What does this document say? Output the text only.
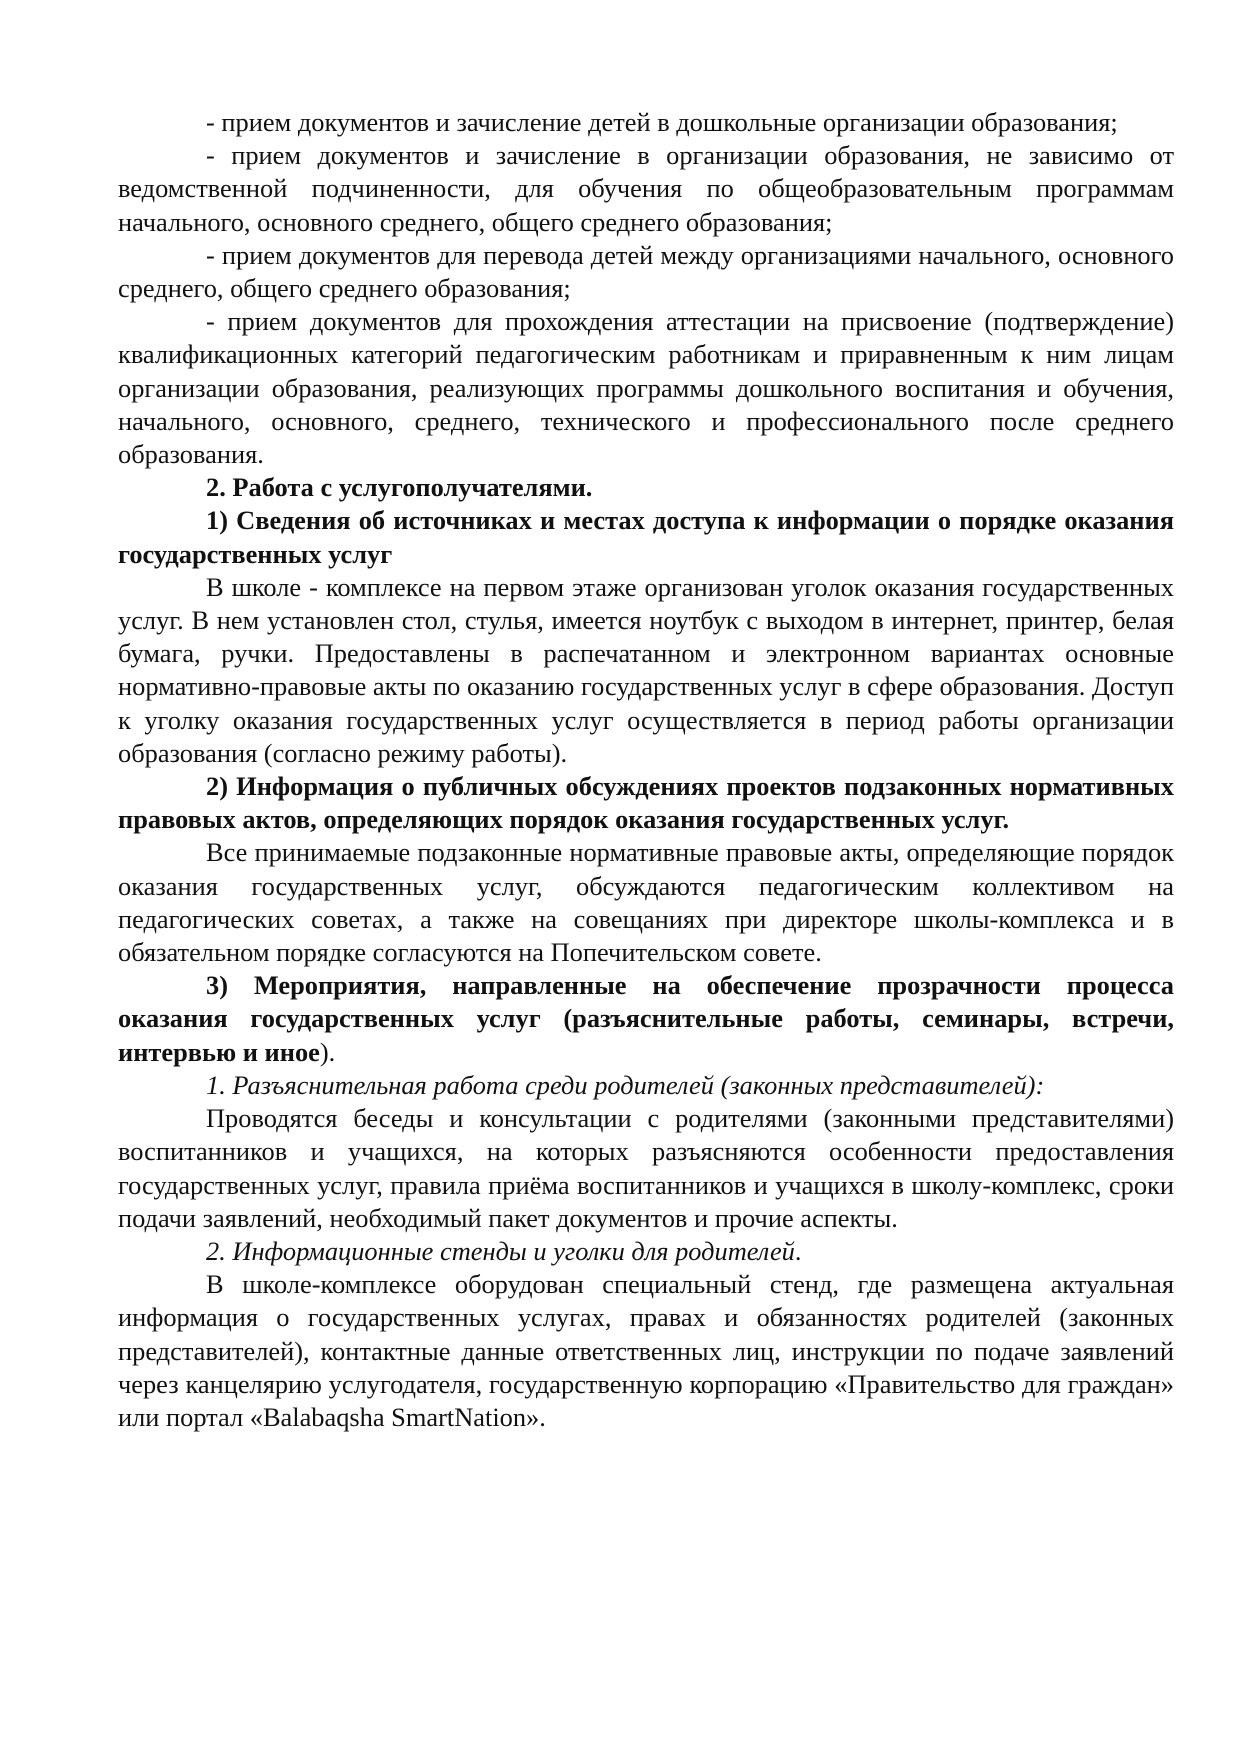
- прием документов и зачисление детей в дошкольные организации образования;

- прием документов и зачисление в организации образования, не зависимо от ведомственной подчиненности, для обучения по общеобразовательным программам начального, основного среднего, общего среднего образования;

- прием документов для перевода детей между организациями начального, основного среднего, общего среднего образования;

- прием документов для прохождения аттестации на присвоение (подтверждение) квалификационных категорий педагогическим работникам и приравненным к ним лицам организации образования, реализующих программы дошкольного воспитания и обучения, начального, основного, среднего, технического и профессионального после среднего образования.

2. Работа с услугополучателями.

1) Сведения об источниках и местах доступа к информации о порядке оказания государственных услуг

В школе - комплексе на первом этаже организован уголок оказания государственных услуг. В нем установлен стол, стулья, имеется ноутбук с выходом в интернет, принтер, белая бумага, ручки. Предоставлены в распечатанном и электронном вариантах основные нормативно-правовые акты по оказанию государственных услуг в сфере образования. Доступ к уголку оказания государственных услуг осуществляется в период работы организации образования (согласно режиму работы).

2) Информация о публичных обсуждениях проектов подзаконных нормативных правовых актов, определяющих порядок оказания государственных услуг.

Все принимаемые подзаконные нормативные правовые акты, определяющие порядок оказания государственных услуг, обсуждаются педагогическим коллективом на педагогических советах, а также на совещаниях при директоре школы-комплекса и в обязательном порядке согласуются на Попечительском совете.

3) Мероприятия, направленные на обеспечение прозрачности процесса оказания государственных услуг (разъяснительные работы, семинары, встречи, интервью и иное).

1. Разъяснительная работа среди родителей (законных представителей):

Проводятся беседы и консультации с родителями (законными представителями) воспитанников и учащихся, на которых разъясняются особенности предоставления государственных услуг, правила приёма воспитанников и учащихся в школу-комплекс, сроки подачи заявлений, необходимый пакет документов и прочие аспекты.

2. Информационные стенды и уголки для родителей.

В школе-комплексе оборудован специальный стенд, где размещена актуальная информация о государственных услугах, правах и обязанностях родителей (законных представителей), контактные данные ответственных лиц, инструкции по подаче заявлений через канцелярию услугодателя, государственную корпорацию «Правительство для граждан» или портал «Balabaqsha SmartNation».
